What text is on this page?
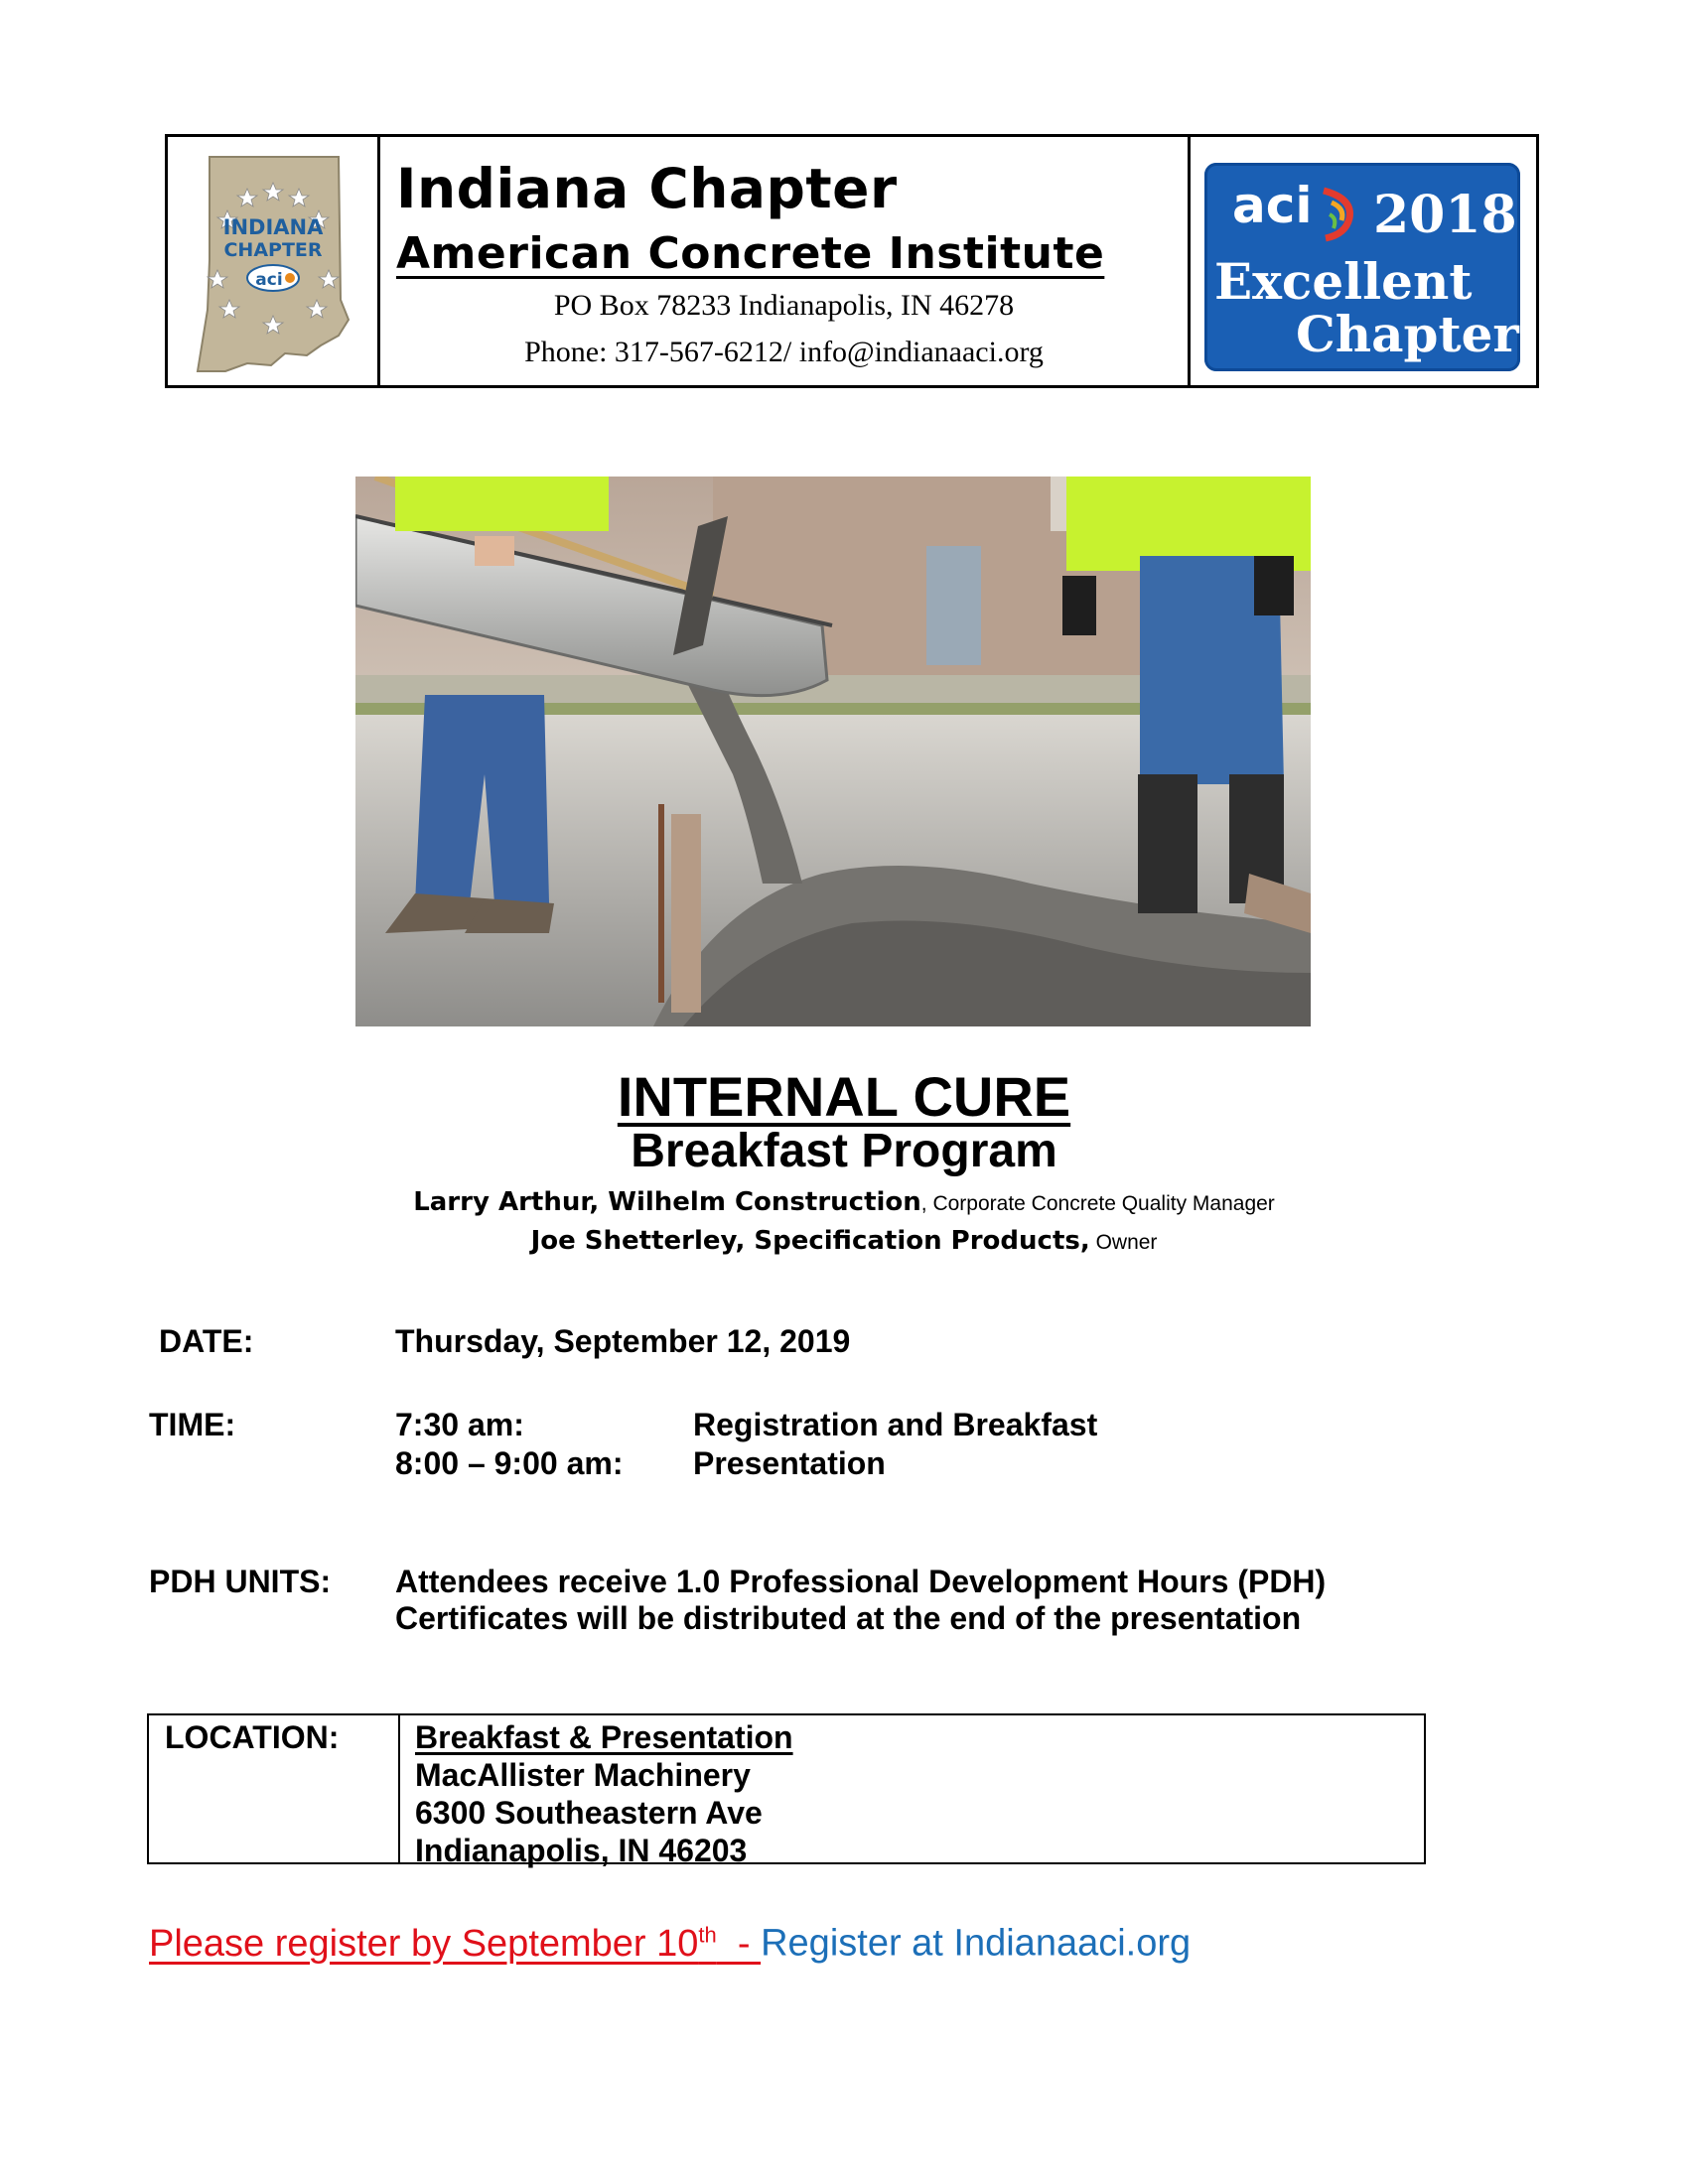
INDIANA
CHAPTER
aci
Indiana Chapter
American Concrete Institute
PO Box 78233 Indianapolis, IN 46278
Phone: 317-567-6212/ info@indianaaci.org
aci 2018
Excellent
Chapter
INTERNAL CURE
Breakfast Program
Larry Arthur, Wilhelm Construction, Corporate Concrete Quality Manager
Joe Shetterley, Specification Products, Owner
DATE:	Thursday, September 12, 2019
TIME:	7:30 am:	Registration and Breakfast
8:00 – 9:00 am: Presentation
PDH UNITS: Attendees receive 1.0 Professional Development Hours (PDH)
Certificates will be distributed at the end of the presentation
LOCATION: Breakfast & Presentation
MacAllister Machinery
6300 Southeastern Ave
Indianapolis, IN 46203
Please register by September 10th  - Register at Indianaaci.org
